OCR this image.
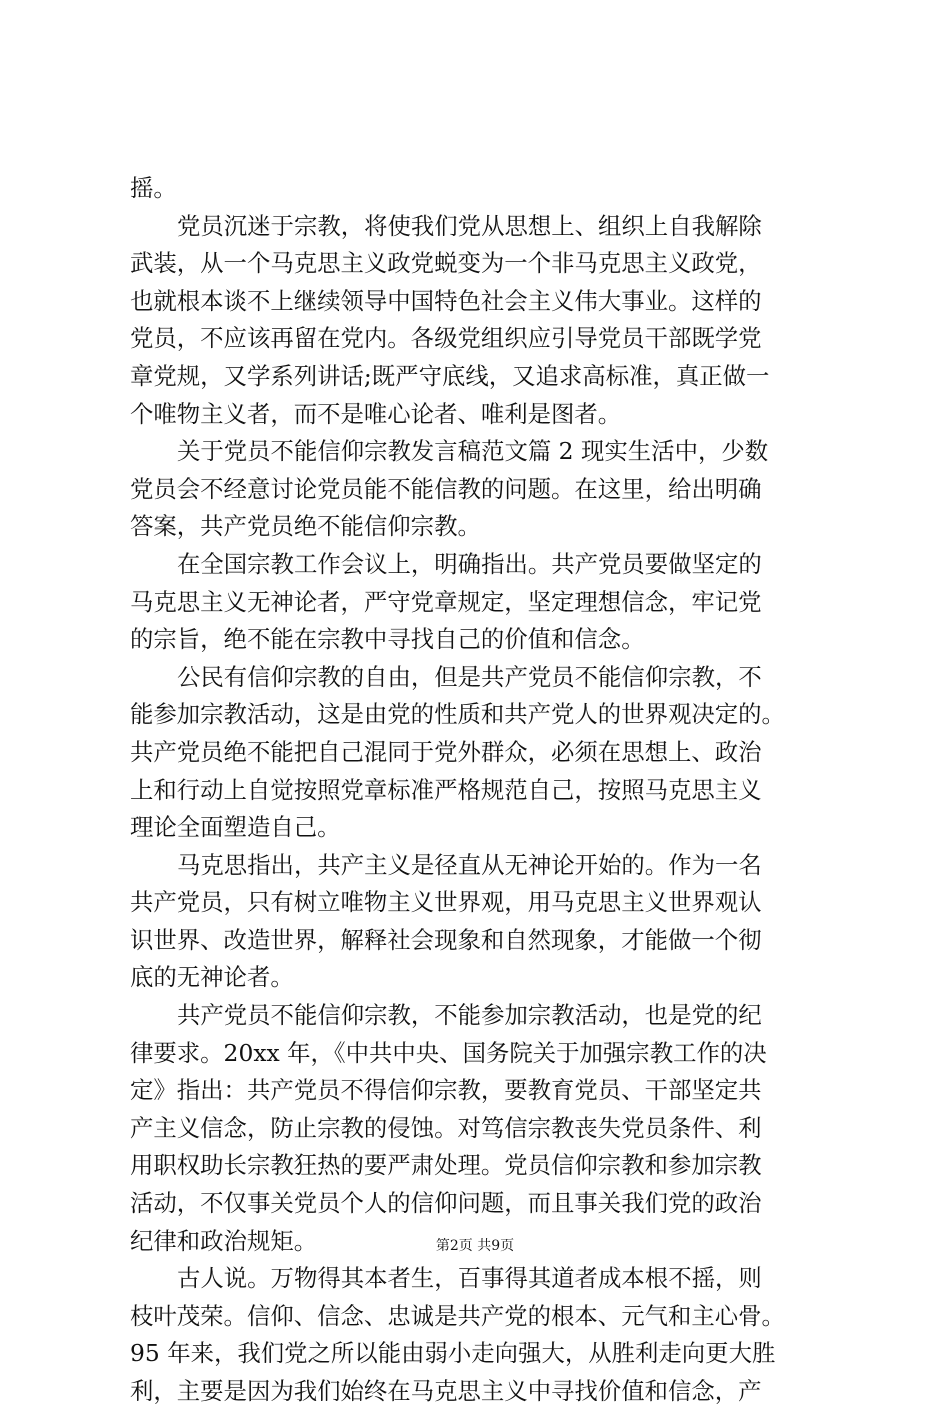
摇。
党员沉迷于宗教，将使我们党从思想上、组织上自我解除
武装，从一个马克思主义政党蜕变为一个非马克思主义政党，
也就根本谈不上继续领导中国特色社会主义伟大事业。这样的
党员，不应该再留在党内。各级党组织应引导党员干部既学党
章党规，又学系列讲话;既严守底线，又追求高标准，真正做一
个唯物主义者，而不是唯心论者、唯利是图者。
关于党员不能信仰宗教发言稿范文篇 2 现实生活中，少数
党员会不经意讨论党员能不能信教的问题。在这里，给出明确
答案，共产党员绝不能信仰宗教。
在全国宗教工作会议上，明确指出。共产党员要做坚定的
马克思主义无神论者，严守党章规定，坚定理想信念，牢记党
的宗旨，绝不能在宗教中寻找自己的价值和信念。
公民有信仰宗教的自由，但是共产党员不能信仰宗教，不
能参加宗教活动，这是由党的性质和共产党人的世界观决定的。
共产党员绝不能把自己混同于党外群众，必须在思想上、政治
上和行动上自觉按照党章标准严格规范自己，按照马克思主义
理论全面塑造自己。
马克思指出，共产主义是径直从无神论开始的。作为一名
共产党员，只有树立唯物主义世界观，用马克思主义世界观认
识世界、改造世界，解释社会现象和自然现象，才能做一个彻
底的无神论者。
共产党员不能信仰宗教，不能参加宗教活动，也是党的纪
律要求。20xx 年，《中共中央、国务院关于加强宗教工作的决
定》指出：共产党员不得信仰宗教，要教育党员、干部坚定共
产主义信念，防止宗教的侵蚀。对笃信宗教丧失党员条件、利
用职权助长宗教狂热的要严肃处理。党员信仰宗教和参加宗教
活动，不仅事关党员个人的信仰问题，而且事关我们党的政治
纪律和政治规矩。
古人说。万物得其本者生，百事得其道者成本根不摇，则
枝叶茂荣。信仰、信念、忠诚是共产党的根本、元气和主心骨。
95 年来，我们党之所以能由弱小走向强大，从胜利走向更大胜
利，主要是因为我们始终在马克思主义中寻找价值和信念，产
第2页 共9页
